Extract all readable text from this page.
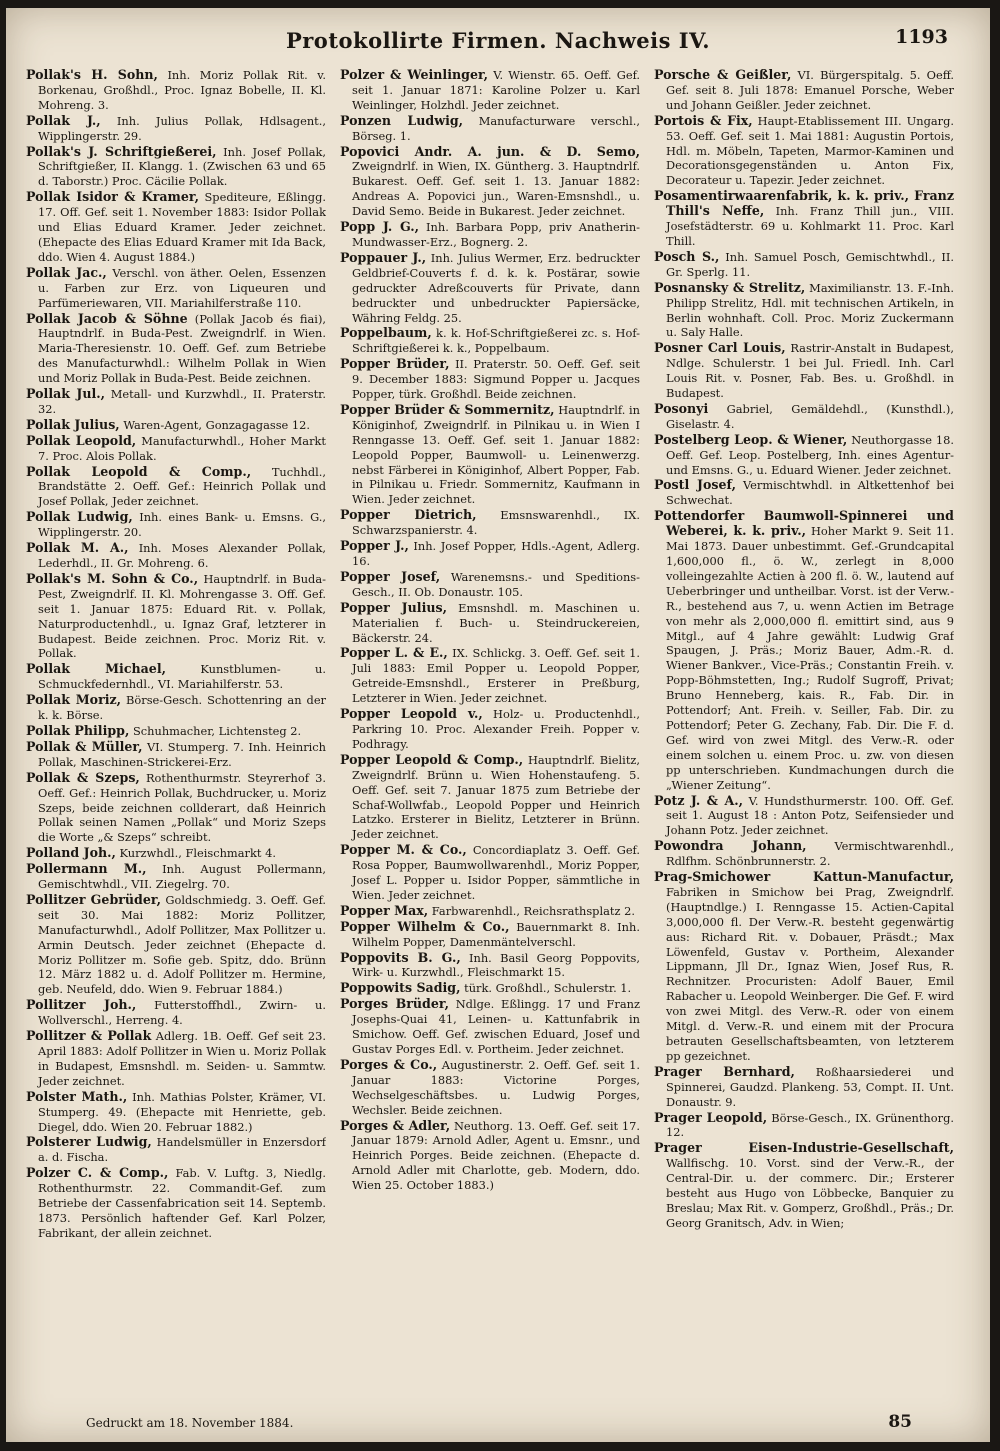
Protokollirte Firmen. Nachweis IV.	1193
Pollak's H. Sohn, Inh. Moriz Pollak Rit. v. Borkenau, Großhdl., Proc. Ignaz Bobelle, II. Kl. Mohreng. 3.
Pollak J., Inh. Julius Pollak, Hdlsagent., Wipplingerstr. 29.
Pollak's J. Schriftgießerei, Inh. Josef Pollak, Schriftgießer, II. Klangg. 1. (Zwischen 63 und 65 d. Taborstr.) Proc. Cäcilie Pollak.
Pollak Isidor & Kramer, Spediteure, Eßlingg. 17. Off. Gef. seit 1. November 1883: Isidor Pollak und Elias Eduard Kramer. Jeder zeichnet. (Ehepacte des Elias Eduard Kramer mit Ida Back, ddo. Wien 4. August 1884.)
Pollak Jac., Verschl. von äther. Oelen, Essenzen u. Farben zur Erz. von Liqueuren und Parfümeriewaren, VII. Mariahilferstraße 110.
Pollak Jacob & Söhne (Pollak Jacob és fiai), Hauptndrlf. in Buda-Pest. Zweigndrlf. in Wien. Maria-Theresienstr. 10. Oeff. Gef. zum Betriebe des Manufacturwhdl.: Wilhelm Pollak in Wien und Moriz Pollak in Buda-Pest. Beide zeichnen.
Pollak Jul., Metall- und Kurzwhdl., II. Praterstr. 32.
Pollak Julius, Waren-Agent, Gonzagagasse 12.
Pollak Leopold, Manufacturwhdl., Hoher Markt 7. Proc. Alois Pollak.
Pollak Leopold & Comp., Tuchhdl., Brandstätte 2. Oeff. Gef.: Heinrich Pollak und Josef Pollak, Jeder zeichnet.
Pollak Ludwig, Inh. eines Bank- u. Emsns. G., Wipplingerstr. 20.
Pollak M. A., Inh. Moses Alexander Pollak, Lederhdl., II. Gr. Mohreng. 6.
Pollak's M. Sohn & Co., Hauptndrlf. in Buda-Pest, Zweigndrlf. II. Kl. Mohrengasse 3. Off. Gef. seit 1. Januar 1875: Eduard Rit. v. Pollak, Naturproductenhdl., u. Ignaz Graf, letzterer in Budapest. Beide zeichnen. Proc. Moriz Rit. v. Pollak.
Pollak Michael,	Kunstblumen- u. Schmuckfedernhdl., VI. Mariahilferstr. 53.
Pollak Moriz, Börse-Gesch. Schottenring an der k. k. Börse.
Pollak Philipp, Schuhmacher, Lichtensteg 2.
Pollak & Müller, VI. Stumperg. 7. Inh. Heinrich Pollak, Maschinen-Strickerei-Erz.
Pollak & Szeps, Rothenthurmstr. Steyrerhof 3. Oeff. Gef.: Heinrich Pollak, Buchdrucker, u. Moriz Szeps, beide zeichnen collderart, daß Heinrich Pollak seinen Namen „Pollak“ und Moriz Szeps die Worte „& Szeps“ schreibt.
Polland Joh., Kurzwhdl., Fleischmarkt 4.
Pollermann M., Inh. August Pollermann, Gemischtwhdl., VII. Ziegelrg. 70.
Pollitzer Gebrüder, Goldschmiedg. 3. Oeff. Gef. seit 30. Mai 1882: Moriz Pollitzer, Manufacturwhdl., Adolf Pollitzer, Max Pollitzer u. Armin Deutsch. Jeder zeichnet (Ehepacte d. Moriz Pollitzer m. Sofie geb. Spitz, ddo. Brünn 12. März 1882 u. d. Adolf Pollitzer m. Hermine, geb. Neufeld, ddo. Wien 9. Februar 1884.)
Pollitzer Joh., Futterstoffhdl., Zwirn- u. Wollverschl., Herreng. 4.
Pollitzer & Pollak Adlerg. 1B. Oeff. Gef seit 23. April 1883: Adolf Pollitzer in Wien u. Moriz Pollak in Budapest, Emsnshdl. m. Seiden- u. Sammtw. Jeder zeichnet.
Polster Math., Inh. Mathias Polster, Krämer, VI. Stumperg. 49. (Ehepacte mit Henriette, geb. Diegel, ddo. Wien 20. Februar 1882.)
Polsterer Ludwig, Handelsmüller in Enzersdorf a. d. Fischa.
Polzer C. & Comp., Fab. V. Luftg. 3, Niedlg. Rothenthurmstr. 22. Commandit-Gef. zum Betriebe der Cassenfabrication seit 14. Septemb. 1873. Persönlich haftender Gef. Karl Polzer, Fabrikant, der allein zeichnet.
Polzer & Weinlinger, V. Wienstr. 65. Oeff. Gef. seit 1. Januar 1871: Karoline Polzer u. Karl Weinlinger, Holzhdl. Jeder zeichnet.
Ponzen Ludwig, Manufacturware verschl., Börseg. 1.
Popovici Andr. A. jun. & D. Semo, Zweigndrlf. in Wien, IX. Güntherg. 3. Hauptndrlf. Bukarest. Oeff. Gef. seit 1. 13. Januar 1882: Andreas A. Popovici jun., Waren-Emsnshdl., u. David Semo. Beide in Bukarest. Jeder zeichnet.
Popp J. G., Inh. Barbara Popp, priv Anatherin-Mundwasser-Erz., Bognerg. 2.
Poppauer J., Inh. Julius Wermer, Erz. bedruckter Geldbrief-Couverts f. d. k. k. Postärar, sowie gedruckter Adreßcouverts für Private, dann bedruckter und unbedruckter Papiersäcke, Währing Feldg. 25.
Poppelbaum, k. k. Hof-Schriftgießerei zc. s. Hof-Schriftgießerei k. k., Poppelbaum.
Popper Brüder, II. Praterstr. 50. Oeff. Gef. seit 9. December 1883: Sigmund Popper u. Jacques Popper, türk. Großhdl. Beide zeichnen.
Popper Brüder & Sommernitz, Hauptndrlf. in Königinhof, Zweigndrlf. in Pilnikau u. in Wien I Renngasse 13. Oeff. Gef. seit 1. Januar 1882: Leopold Popper, Baumwoll- u. Leinenwerzg. nebst Färberei in Königinhof, Albert Popper, Fab. in Pilnikau u. Friedr. Sommernitz, Kaufmann in Wien. Jeder zeichnet.
Popper Dietrich, Emsnswarenhdl., IX. Schwarzspanierstr. 4.
Popper J., Inh. Josef Popper, Hdls.-Agent, Adlerg. 16.
Popper Josef, Warenemsns.- und Speditions-Gesch., II. Ob. Donaustr. 105.
Popper Julius, Emsnshdl. m. Maschinen u. Materialien f. Buch- u. Steindruckereien, Bäckerstr. 24.
Popper L. & E., IX. Schlickg. 3. Oeff. Gef. seit 1. Juli 1883: Emil Popper u. Leopold Popper, Getreide-Emsnshdl., Ersterer in Preßburg, Letzterer in Wien. Jeder zeichnet.
Popper Leopold v., Holz- u. Productenhdl., Parkring 10. Proc. Alexander Freih. Popper v. Podhragy.
Popper Leopold & Comp., Hauptndrlf. Bielitz, Zweigndrlf. Brünn u. Wien Hohenstaufeng. 5. Oeff. Gef. seit 7. Januar 1875 zum Betriebe der Schaf-Wollwfab., Leopold Popper und Heinrich Latzko. Ersterer in Bielitz, Letzterer in Brünn. Jeder zeichnet.
Popper M. & Co., Concordiaplatz 3. Oeff. Gef. Rosa Popper, Baumwollwarenhdl., Moriz Popper, Josef L. Popper u. Isidor Popper, sämmtliche in Wien. Jeder zeichnet.
Popper Max, Farbwarenhdl., Reichsrathsplatz 2.
Popper Wilhelm & Co., Bauernmarkt 8. Inh. Wilhelm Popper, Damenmäntelverschl.
Poppovits B. G., Inh. Basil Georg Poppovits, Wirk- u. Kurzwhdl., Fleischmarkt 15.
Poppowits Sadig, türk. Großhdl., Schulerstr. 1.
Porges Brüder, Ndlge. Eßlingg. 17 und Franz Josephs-Quai 41, Leinen- u. Kattunfabrik in Smichow. Oeff. Gef. zwischen Eduard, Josef und Gustav Porges Edl. v. Portheim. Jeder zeichnet.
Porges & Co., Augustinerstr. 2. Oeff. Gef. seit 1. Januar 1883: Victorine Porges, Wechselgeschäftsbes. u. Ludwig Porges, Wechsler. Beide zeichnen.
Porges & Adler, Neuthorg. 13. Oeff. Gef. seit 17. Januar 1879: Arnold Adler, Agent u. Emsnr., und Heinrich Porges. Beide zeichnen. (Ehepacte d. Arnold Adler mit Charlotte, geb. Modern, ddo. Wien 25. October 1883.)
Porsche & Geißler, VI. Bürgerspitalg. 5. Oeff. Gef. seit 8. Juli 1878: Emanuel Porsche, Weber und Johann Geißler. Jeder zeichnet.
Portois & Fix, Haupt-Etablissement III. Ungarg. 53. Oeff. Gef. seit 1. Mai 1881: Augustin Portois, Hdl. m. Möbeln, Tapeten, Marmor-Kaminen und Decorationsgegenständen u. Anton Fix, Decorateur u. Tapezir. Jeder zeichnet.
Posamentirwaarenfabrik, k. k. priv., Franz Thill's Neffe, Inh. Franz Thill jun., VIII. Josefstädterstr. 69 u. Kohlmarkt 11. Proc. Karl Thill.
Posch S., Inh. Samuel Posch, Gemischtwhdl., II. Gr. Sperlg. 11.
Posnansky & Strelitz, Maximilianstr. 13. F.-Inh. Philipp Strelitz, Hdl. mit technischen Artikeln, in Berlin wohnhaft. Coll. Proc. Moriz Zuckermann u. Saly Halle.
Posner Carl Louis, Rastrir-Anstalt in Budapest, Ndlge. Schulerstr. 1 bei Jul. Friedl. Inh. Carl Louis Rit. v. Posner, Fab. Bes. u. Großhdl. in Budapest.
Posonyi Gabriel, Gemäldehdl., (Kunsthdl.), Giselastr. 4.
Postelberg Leop. & Wiener, Neuthorgasse 18. Oeff. Gef. Leop. Postelberg, Inh. eines Agentur- und Emsns. G., u. Eduard Wiener. Jeder zeichnet.
Postl Josef, Vermischtwhdl. in Altkettenhof bei Schwechat.
Pottendorfer Baumwoll-Spinnerei und Weberei, k. k. priv., Hoher Markt 9. Seit 11. Mai 1873. Dauer unbestimmt. Gef.-Grundcapital 1,600,000 fl., ö. W., zerlegt in 8,000 volleingezahlte Actien à 200 fl. ö. W., lautend auf Ueberbringer und untheilbar. Vorst. ist der Verw.-R., bestehend aus 7, u. wenn Actien im Betrage von mehr als 2,000,000 fl. emittirt sind, aus 9 Mitgl., auf 4 Jahre gewählt: Ludwig Graf Spaugen, J. Präs.; Moriz Bauer, Adm.-R. d. Wiener Bankver., Vice-Präs.; Constantin Freih. v. Popp-Böhmstetten, Ing.; Rudolf Sugroff, Privat; Bruno Henneberg, kais. R., Fab. Dir. in Pottendorf; Ant. Freih. v. Seiller, Fab. Dir. zu Pottendorf; Peter G. Zechany, Fab. Dir. Die F. d. Gef. wird von zwei Mitgl. des Verw.-R. oder einem solchen u. einem Proc. u. zw. von diesen pp unterschrieben. Kundmachungen durch die „Wiener Zeitung“.
Potz J. & A., V. Hundsthurmerstr. 100. Off. Gef. seit 1. August 18 : Anton Potz, Seifensieder und Johann Potz. Jeder zeichnet.
Powondra Johann, Vermischtwarenhdl., Rdlfhm. Schönbrunnerstr. 2.
Prag-Smichower Kattun-Manufactur, Fabriken in Smichow bei Prag, Zweigndrlf. (Hauptndlge.) I. Renngasse 15. Actien-Capital 3,000,000 fl. Der Verw.-R. besteht gegenwärtig aus: Richard Rit. v. Dobauer, Präsdt.; Max Löwenfeld, Gustav v. Portheim, Alexander Lippmann, Jll Dr., Ignaz Wien, Josef Rus, R. Rechnitzer. Procuristen: Adolf Bauer, Emil Rabacher u. Leopold Weinberger. Die Gef. F. wird von zwei Mitgl. des Verw.-R. oder von einem Mitgl. d. Verw.-R. und einem mit der Procura betrauten Gesellschaftsbeamten, von letzterem pp gezeichnet.
Prager Bernhard, Roßhaarsiederei und Spinnerei, Gaudzd. Plankeng. 53, Compt. II. Unt. Donaustr. 9.
Prager Leopold, Börse-Gesch., IX. Grünenthorg. 12.
Prager Eisen-Industrie-Gesellschaft, Wallfischg. 10. Vorst. sind der Verw.-R., der Central-Dir. u. der commerc. Dir.; Ersterer besteht aus Hugo von Löbbecke, Banquier zu Breslau; Max Rit. v. Gomperz, Großhdl., Präs.; Dr. Georg Granitsch, Adv. in Wien;
Gedruckt am 18. November 1884.	85
